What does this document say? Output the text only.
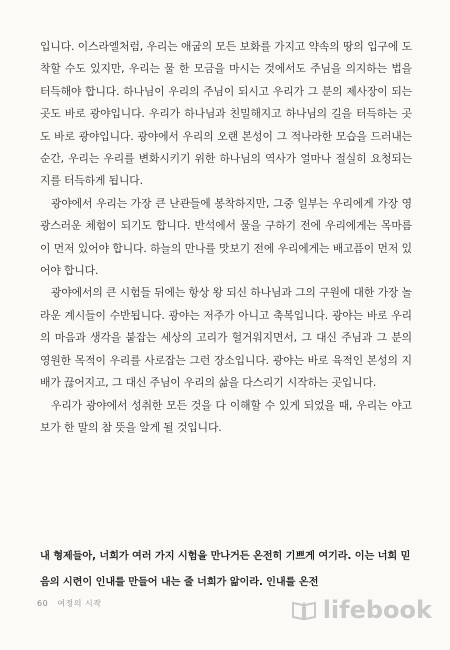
입니다. 이스라엘처럼, 우리는 애굽의 모든 보화를 가지고 약속의 땅의 입구에 도착할 수도 있지만, 우리는 물 한 모금을 마시는 것에서도 주님을 의지하는 법을 터득해야 합니다. 하나님이 우리의 주님이 되시고 우리가 그 분의 제사장이 되는 곳도 바로 광야입니다. 우리가 하나님과 친밀해지고 하나님의 길을 터득하는 곳도 바로 광야입니다. 광야에서 우리의 오랜 본성이 그 적나라한 모습을 드러내는 순간, 우리는 우리를 변화시키기 위한 하나님의 역사가 얼마나 절실히 요청되는지를 터득하게 됩니다.

광야에서 우리는 가장 큰 난관들에 봉착하지만, 그중 일부는 우리에게 가장 영광스러운 체험이 되기도 합니다. 반석에서 물을 구하기 전에 우리에게는 목마름이 먼저 있어야 합니다. 하늘의 만나를 맛보기 전에 우리에게는 배고픔이 먼저 있어야 합니다.

광야에서의 큰 시험들 뒤에는 항상 왕 되신 하나님과 그의 구원에 대한 가장 놀라운 계시들이 수반됩니다. 광야는 저주가 아니고 축복입니다. 광야는 바로 우리의 마음과 생각을 붙잡는 세상의 고리가 헐거워지면서, 그 대신 주님과 그 분의 영원한 목적이 우리를 사로잡는 그런 장소입니다. 광야는 바로 육적인 본성의 지배가 끊어지고, 그 대신 주님이 우리의 삶을 다스리기 시작하는 곳입니다.

우리가 광야에서 성취한 모든 것을 다 이해할 수 있게 되었을 때, 우리는 야고보가 한 말의 참 뜻을 알게 될 것입니다.

내 형제들아, 너희가 여러 가지 시험을 만나거든 온전히 기쁘게 여기라. 이는 너희 믿음의 시련이 인내를 만들어 내는 줄 너희가 앎이라. 인내를 온전
60 여정의 시작	lifebook
